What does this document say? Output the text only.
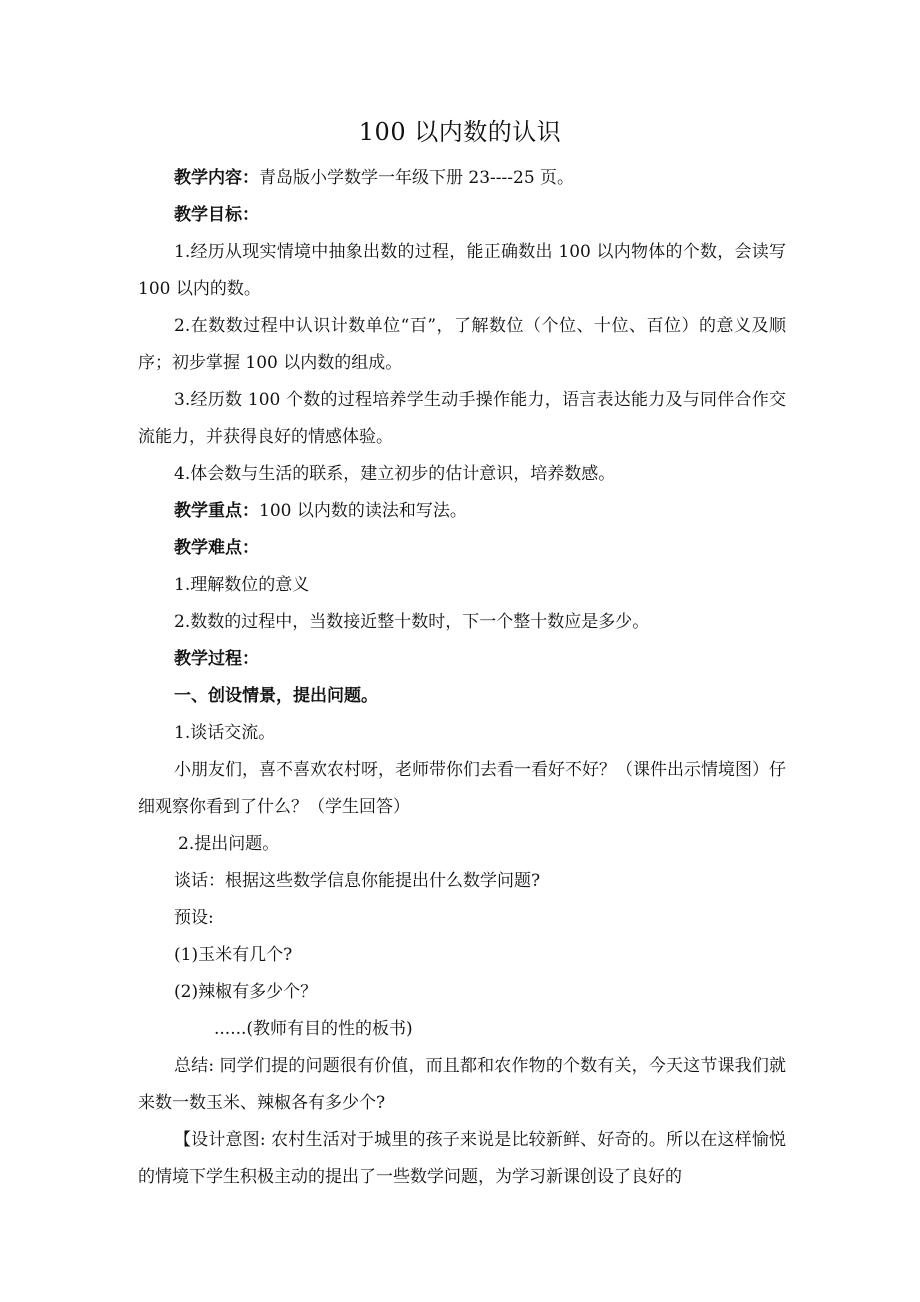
100 以内数的认识

教学内容：青岛版小学数学一年级下册 23----25 页。

教学目标：

1.经历从现实情境中抽象出数的过程，能正确数出 100 以内物体的个数，会读写 100 以内的数。

2.在数数过程中认识计数单位“百”，了解数位（个位、十位、百位）的意义及顺序；初步掌握 100 以内数的组成。

3.经历数 100 个数的过程培养学生动手操作能力，语言表达能力及与同伴合作交流能力，并获得良好的情感体验。

4.体会数与生活的联系，建立初步的估计意识，培养数感。

教学重点：100 以内数的读法和写法。

教学难点：

1.理解数位的意义

2.数数的过程中，当数接近整十数时，下一个整十数应是多少。

教学过程：

一、创设情景，提出问题。

1.谈话交流。

小朋友们，喜不喜欢农村呀，老师带你们去看一看好不好？（课件出示情境图）仔细观察你看到了什么？（学生回答）

2.提出问题。

谈话：根据这些数学信息你能提出什么数学问题?

预设:

(1)玉米有几个?

(2)辣椒有多少个？

......(教师有目的性的板书)

总结: 同学们提的问题很有价值，而且都和农作物的个数有关，今天这节课我们就来数一数玉米、辣椒各有多少个?

【设计意图: 农村生活对于城里的孩子来说是比较新鲜、好奇的。所以在这样愉悦的情境下学生积极主动的提出了一些数学问题，为学习新课创设了良好的
